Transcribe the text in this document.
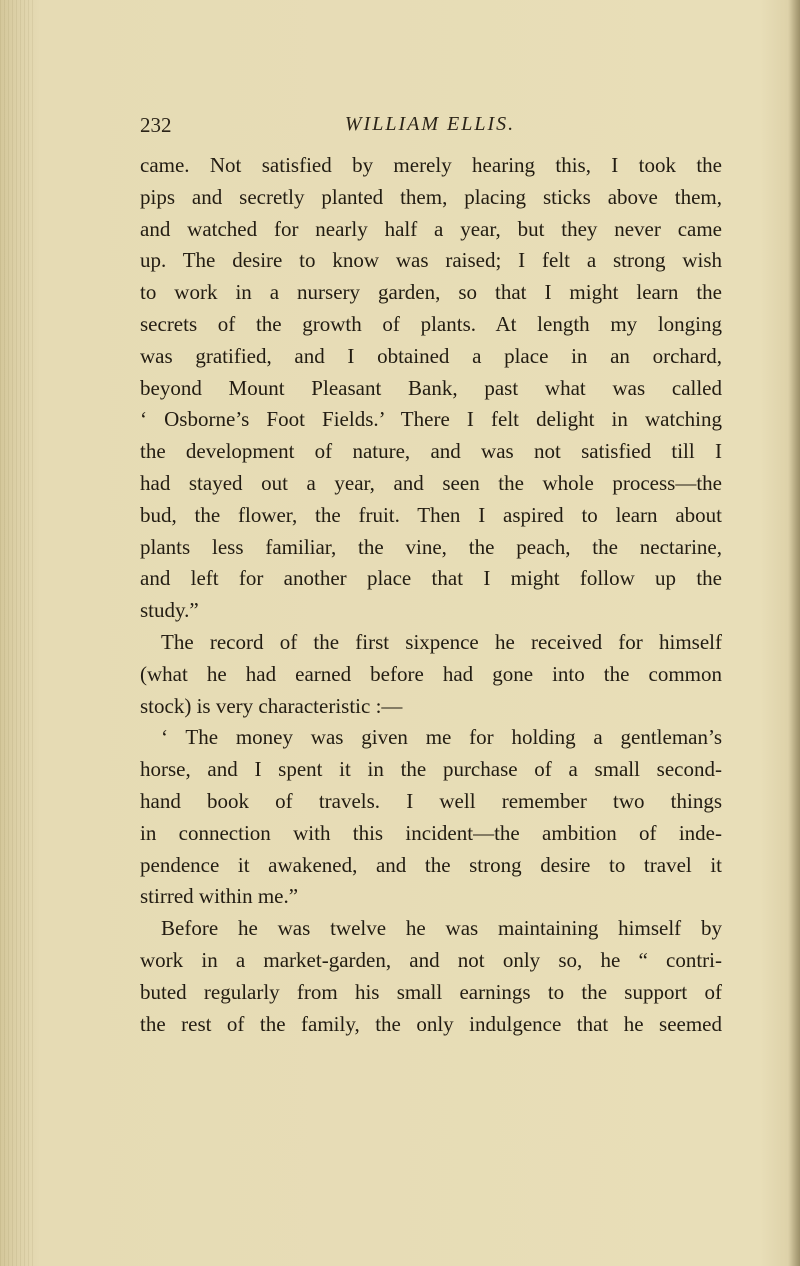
232	WILLIAM ELLIS.
came. Not satisfied by merely hearing this, I took the
pips and secretly planted them, placing sticks above them,
and watched for nearly half a year, but they never came
up. The desire to know was raised; I felt a strong wish
to work in a nursery garden, so that I might learn the
secrets of the growth of plants. At length my longing
was gratified, and I obtained a place in an orchard,
beyond Mount Pleasant Bank, past what was called
‘ Osborne’s Foot Fields.’ There I felt delight in watching
the development of nature, and was not satisfied till I
had stayed out a year, and seen the whole process—the
bud, the flower, the fruit. Then I aspired to learn about
plants less familiar, the vine, the peach, the nectarine,
and left for another place that I might follow up the
study.”
The record of the first sixpence he received for himself
(what he had earned before had gone into the common
stock) is very characteristic :—
‘ The money was given me for holding a gentleman’s
horse, and I spent it in the purchase of a small second-
hand book of travels. I well remember two things
in connection with this incident—the ambition of inde-
pendence it awakened, and the strong desire to travel it
stirred within me.”
Before he was twelve he was maintaining himself by
work in a market-garden, and not only so, he “ contri-
buted regularly from his small earnings to the support of
the rest of the family, the only indulgence that he seemed
